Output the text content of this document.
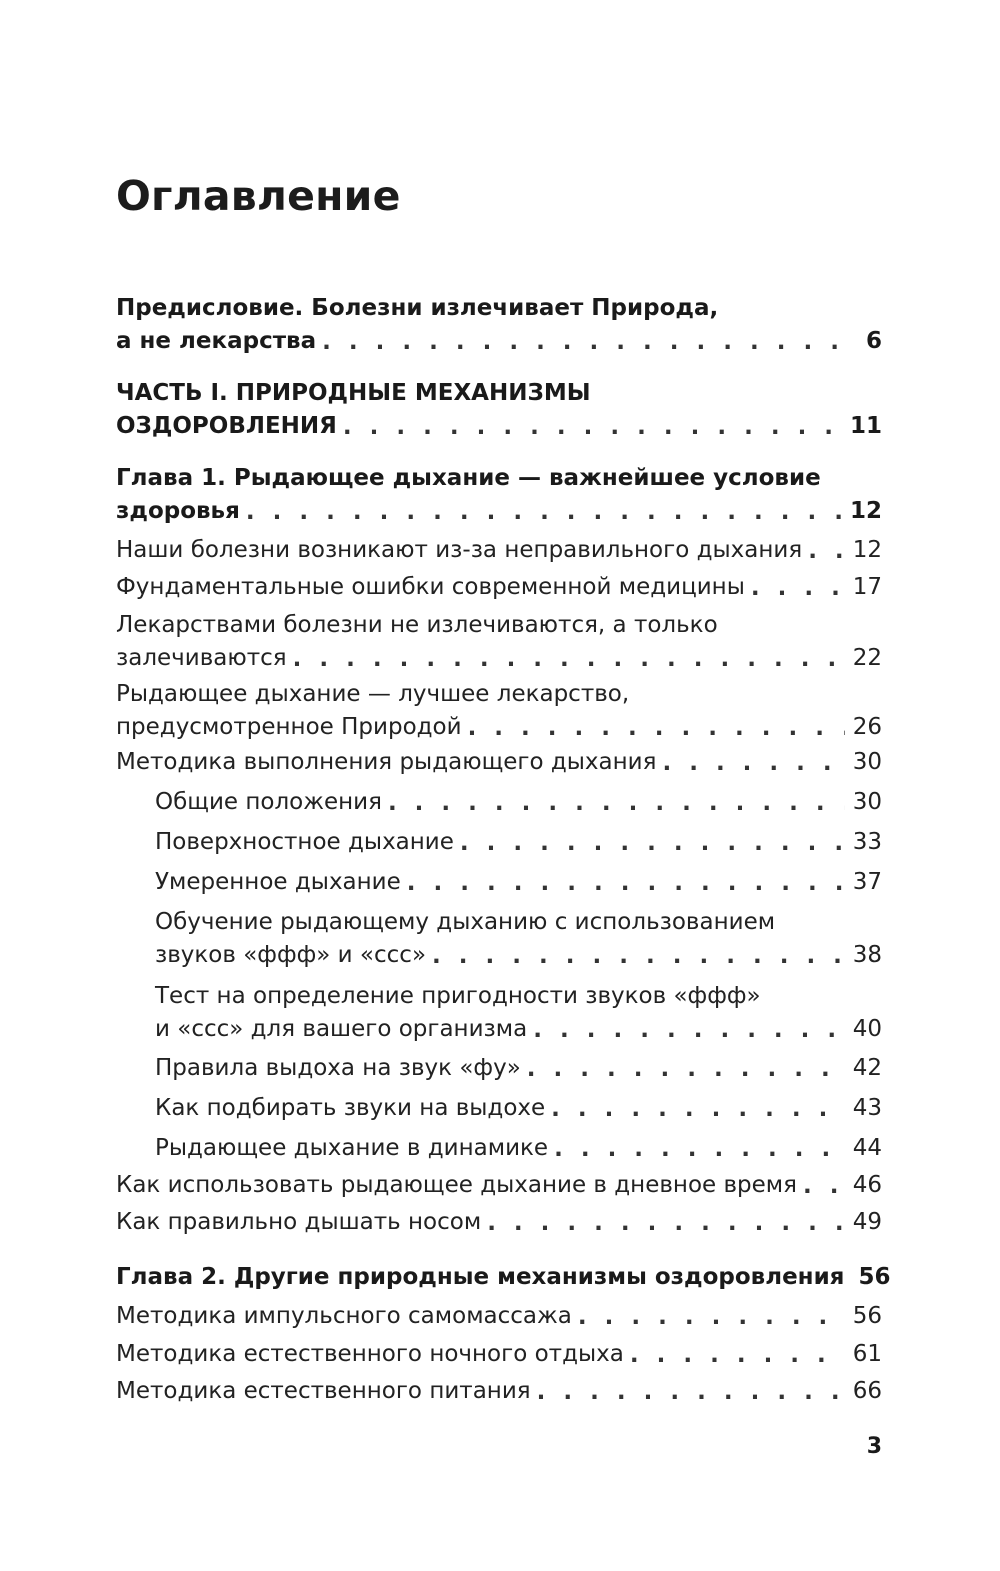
Оглавление
Предисловие. Болезни излечивает Природа,
а не лекарства . . .	6
ЧАСТЬ I. ПРИРОДНЫЕ МЕХАНИЗМЫ
ОЗДОРОВЛЕНИЯ . . .	11
Глава 1. Рыдающее дыхание — важнейшее условие
здоровья . . .	12
Наши болезни возникают из-за неправильного дыхания . . . 12
Фундаментальные ошибки современной медицины . . .	17
Лекарствами болезни не излечиваются, а только
залечиваются . . .	22
Рыдающее дыхание — лучшее лекарство,
предусмотренное Природой . . .	26
Методика выполнения рыдающего дыхания . . .	30
Общие положения . . .	30
Поверхностное дыхание . . .	33
Умеренное дыхание . . .	37
Обучение рыдающему дыханию с использованием
звуков «ффф» и «ссс» . . .	38
Тест на определение пригодности звуков «ффф»
и «ссс» для вашего организма . . .	40
Правила выдоха на звук «фу» . . .	42
Как подбирать звуки на выдохе . . .	43
Рыдающее дыхание в динамике . . .	44
Как использовать рыдающее дыхание в дневное время . . . 46
Как правильно дышать носом . . .	49
Глава 2. Другие природные механизмы оздоровления 56
Методика импульсного самомассажа . . .	56
Методика естественного ночного отдыха . . .	61
Методика естественного питания . . .	66
3
